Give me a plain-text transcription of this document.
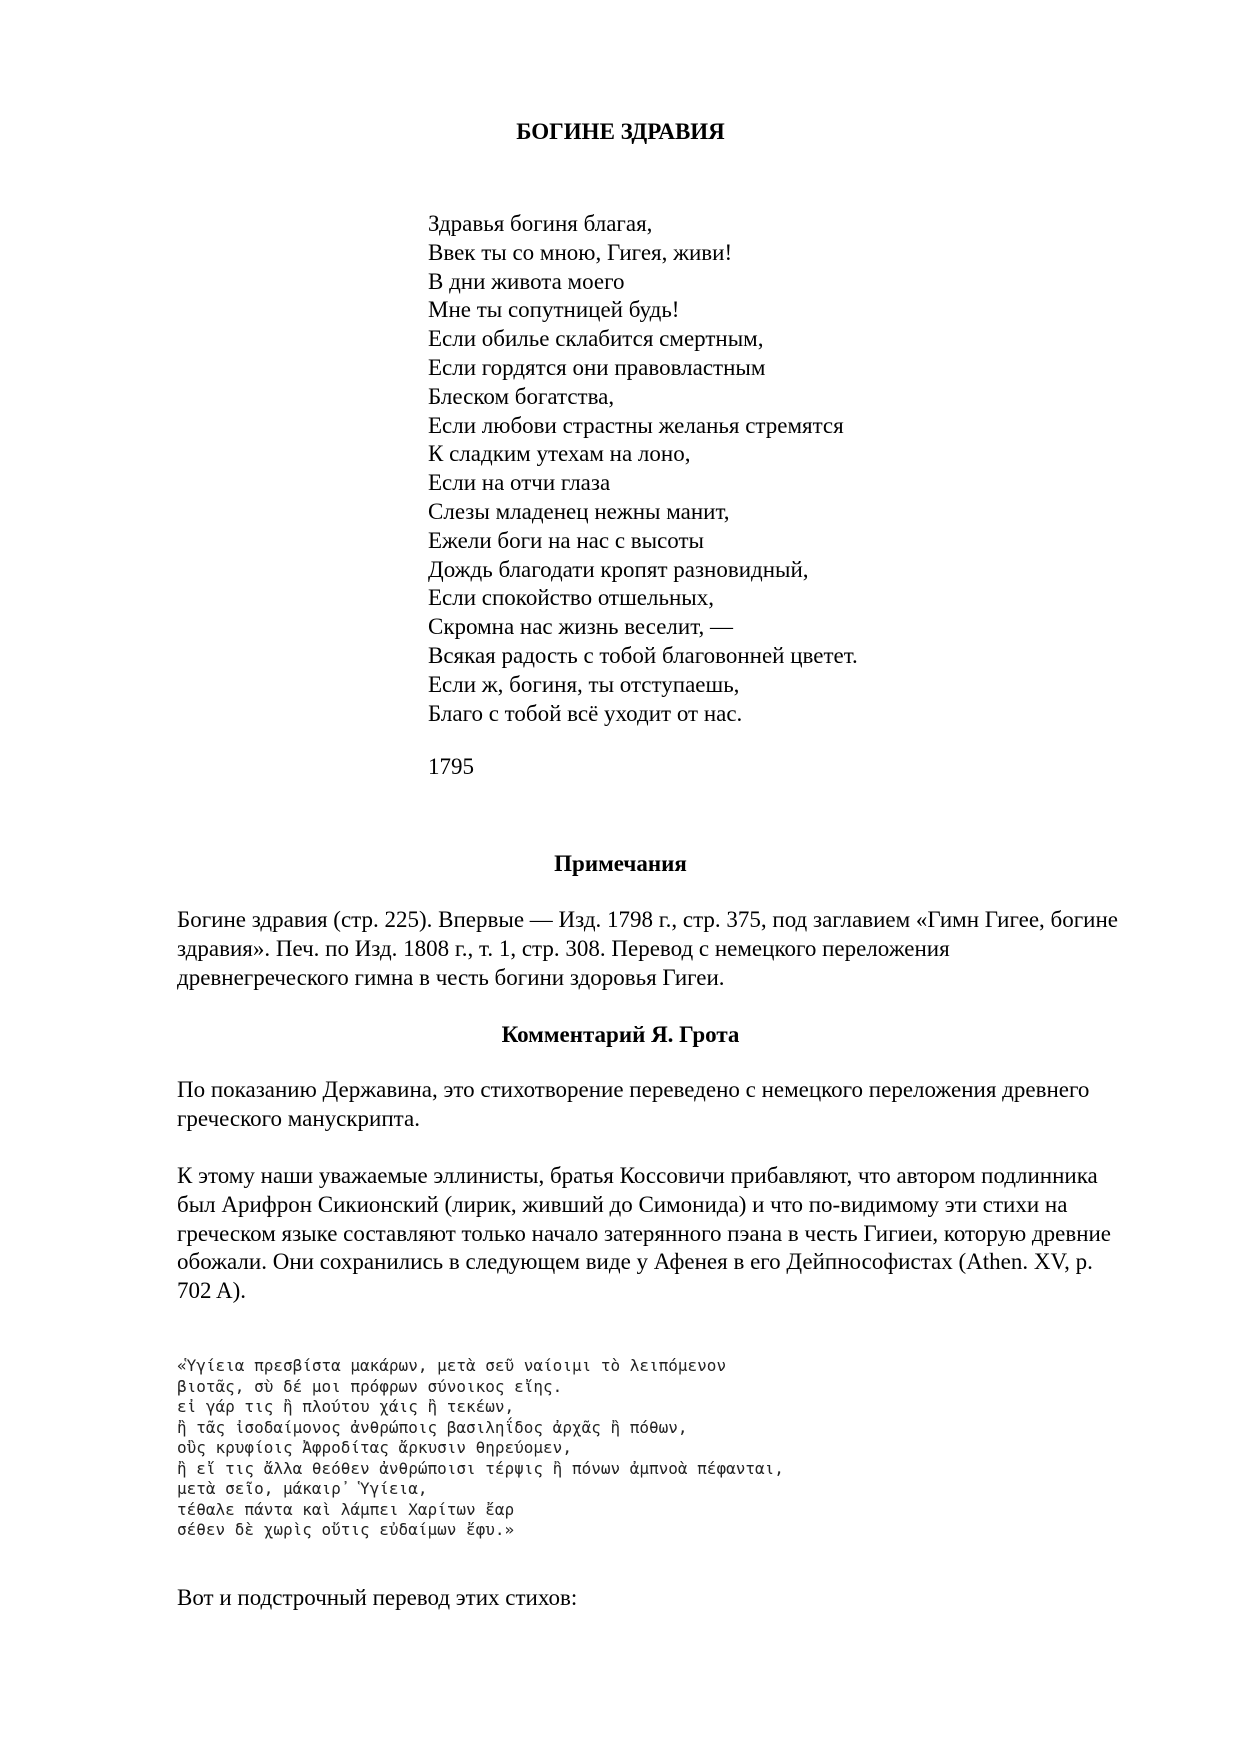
БОГИНЕ ЗДРАВИЯ
Здравья богиня благая,
Ввек ты со мною, Гигея, живи!
В дни живота моего
Мне ты сопутницей будь!
Если обилье склабится смертным,
Если гордятся они правовластным
Блеском богатства,
Если любови страстны желанья стремятся
К сладким утехам на лоно,
Если на отчи глаза
Слезы младенец нежны манит,
Ежели боги на нас с высоты
Дождь благодати кропят разновидный,
Если спокойство отшельных,
Скромна нас жизнь веселит, —
Всякая радость с тобой благовонней цветет.
Если ж, богиня, ты отступаешь,
Благо с тобой всё уходит от нас.

1795

Примечания

Богине здравия (стр. 225). Впервые — Изд. 1798 г., стр. 375, под заглавием «Гимн Гигее, богине здравия». Печ. по Изд. 1808 г., т. 1, стр. 308. Перевод с немецкого переложения древнегреческого гимна в честь богини здоровья Гигеи.

Комментарий Я. Грота

По показанию Державина, это стихотворение переведено с немецкого переложения древнего греческого манускрипта.

К этому наши уважаемые эллинисты, братья Коссовичи прибавляют, что автором подлинника был Арифрон Сикионский (лирик, живший до Симонида) и что по-видимому эти стихи на греческом языке составляют только начало затерянного пэана в честь Гигиеи, которую древние обожали. Они сохранились в следующем виде у Афенея в его Дейпнософистах (Athen. XV, p. 702 A).

«Ὑγίεια πρεσβίστα μακάρων, μετὰ σεῦ ναίοιμι τὸ λειπόμενον
βιοτᾶς, σὺ δέ μοι πρόφρων σύνοικος εἴης.
εἰ γάρ τις ἢ πλούτου χάις ἢ τεκέων,
ἢ τᾶς ἰσοδαίμονος ἀνθρώποις βασιληΐδος ἀρχᾶς ἢ πόθων,
οὓς κρυφίοις Ἀφροδίτας ἄρκυσιν θηρεύομεν,
ἢ εἴ τις ἄλλα θεόθεν ἀνθρώποισι τέρψις ἢ πόνων ἀμπνοὰ πέφανται,
μετὰ σεῖο, μάκαιρ᾽ Ὑγίεια,
τέθαλε πάντα καὶ λάμπει Χαρίτων ἔαρ
σέθεν δὲ χωρὶς οὔτις εὐδαίμων ἔφυ.»

Вот и подстрочный перевод этих стихов:
